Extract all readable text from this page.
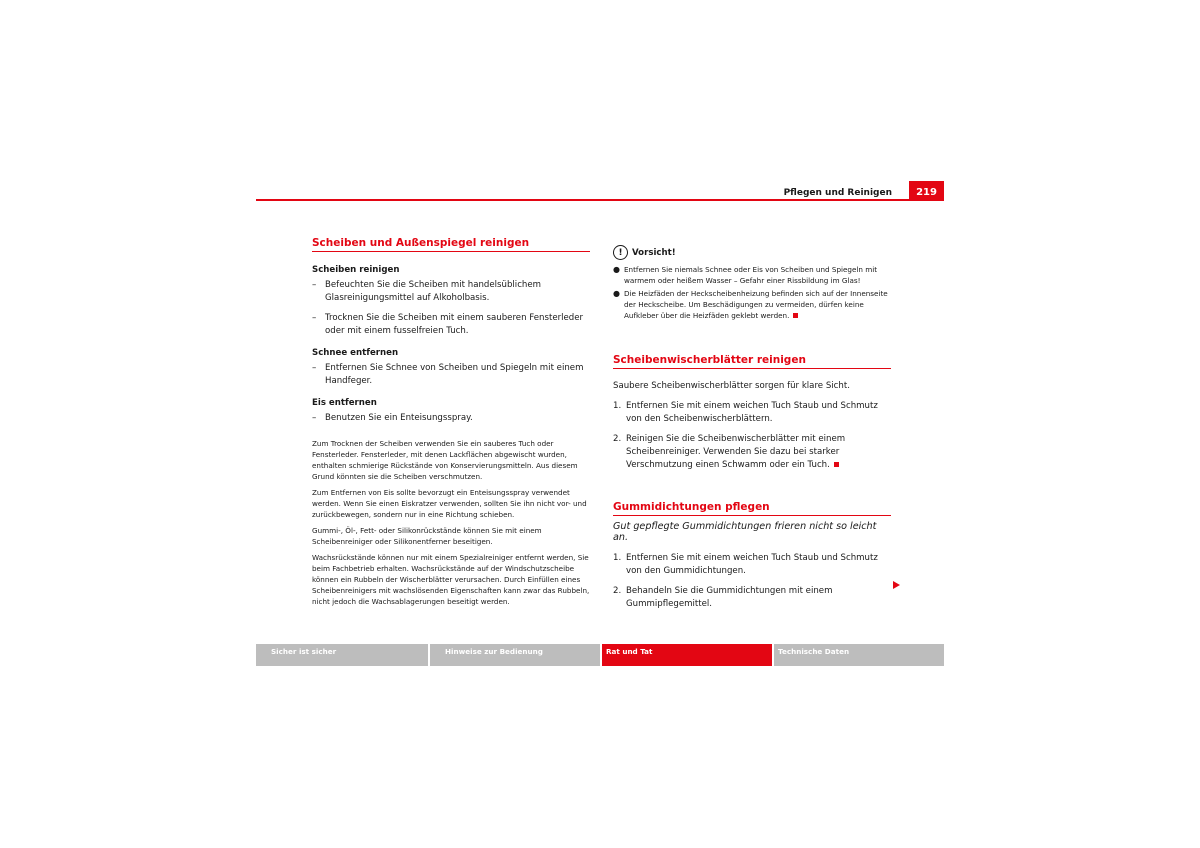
Pflegen und Reinigen	219
Scheiben und Außenspiegel reinigen
Scheiben reinigen
– Befeuchten Sie die Scheiben mit handelsüblichem Glasreinigungsmittel auf Alkoholbasis.
– Trocknen Sie die Scheiben mit einem sauberen Fensterleder oder mit einem fusselfreien Tuch.
Schnee entfernen
– Entfernen Sie Schnee von Scheiben und Spiegeln mit einem Handfeger.
Eis entfernen
– Benutzen Sie ein Enteisungsspray.

Zum Trocknen der Scheiben verwenden Sie ein sauberes Tuch oder Fensterleder. Fensterleder, mit denen Lackflächen abgewischt wurden, enthalten schmierige Rückstände von Konservierungsmitteln. Aus diesem Grund könnten sie die Scheiben verschmutzen.

Zum Entfernen von Eis sollte bevorzugt ein Enteisungsspray verwendet werden. Wenn Sie einen Eiskratzer verwenden, sollten Sie ihn nicht vor- und zurückbewegen, sondern nur in eine Richtung schieben.

Gummi-, Öl-, Fett- oder Silikonrückstände können Sie mit einem Scheibenreiniger oder Silikonentferner beseitigen.

Wachsrückstände können nur mit einem Spezialreiniger entfernt werden, Sie beim Fachbetrieb erhalten. Wachsrückstände auf der Windschutzscheibe können ein Rubbeln der Wischerblätter verursachen. Durch Einfüllen eines Scheibenreinigers mit wachslösenden Eigenschaften kann zwar das Rubbeln, nicht jedoch die Wachsablagerungen beseitigt werden.

! Vorsicht!
● Entfernen Sie niemals Schnee oder Eis von Scheiben und Spiegeln mit warmem oder heißem Wasser – Gefahr einer Rissbildung im Glas!
● Die Heizfäden der Heckscheibenheizung befinden sich auf der Innenseite der Heckscheibe. Um Beschädigungen zu vermeiden, dürfen keine Aufkleber über die Heizfäden geklebt werden.
Scheibenwischerblätter reinigen
Saubere Scheibenwischerblätter sorgen für klare Sicht.
1. Entfernen Sie mit einem weichen Tuch Staub und Schmutz von den Scheibenwischerblättern.
2. Reinigen Sie die Scheibenwischerblätter mit einem Scheibenreiniger. Verwenden Sie dazu bei starker Verschmutzung einen Schwamm oder ein Tuch.
Gummidichtungen pflegen
Gut gepflegte Gummidichtungen frieren nicht so leicht an.
1. Entfernen Sie mit einem weichen Tuch Staub und Schmutz von den Gummidichtungen.
2. Behandeln Sie die Gummidichtungen mit einem Gummipflegemittel.
Sicher ist sicher	Hinweise zur Bedienung	Rat und Tat	Technische Daten
